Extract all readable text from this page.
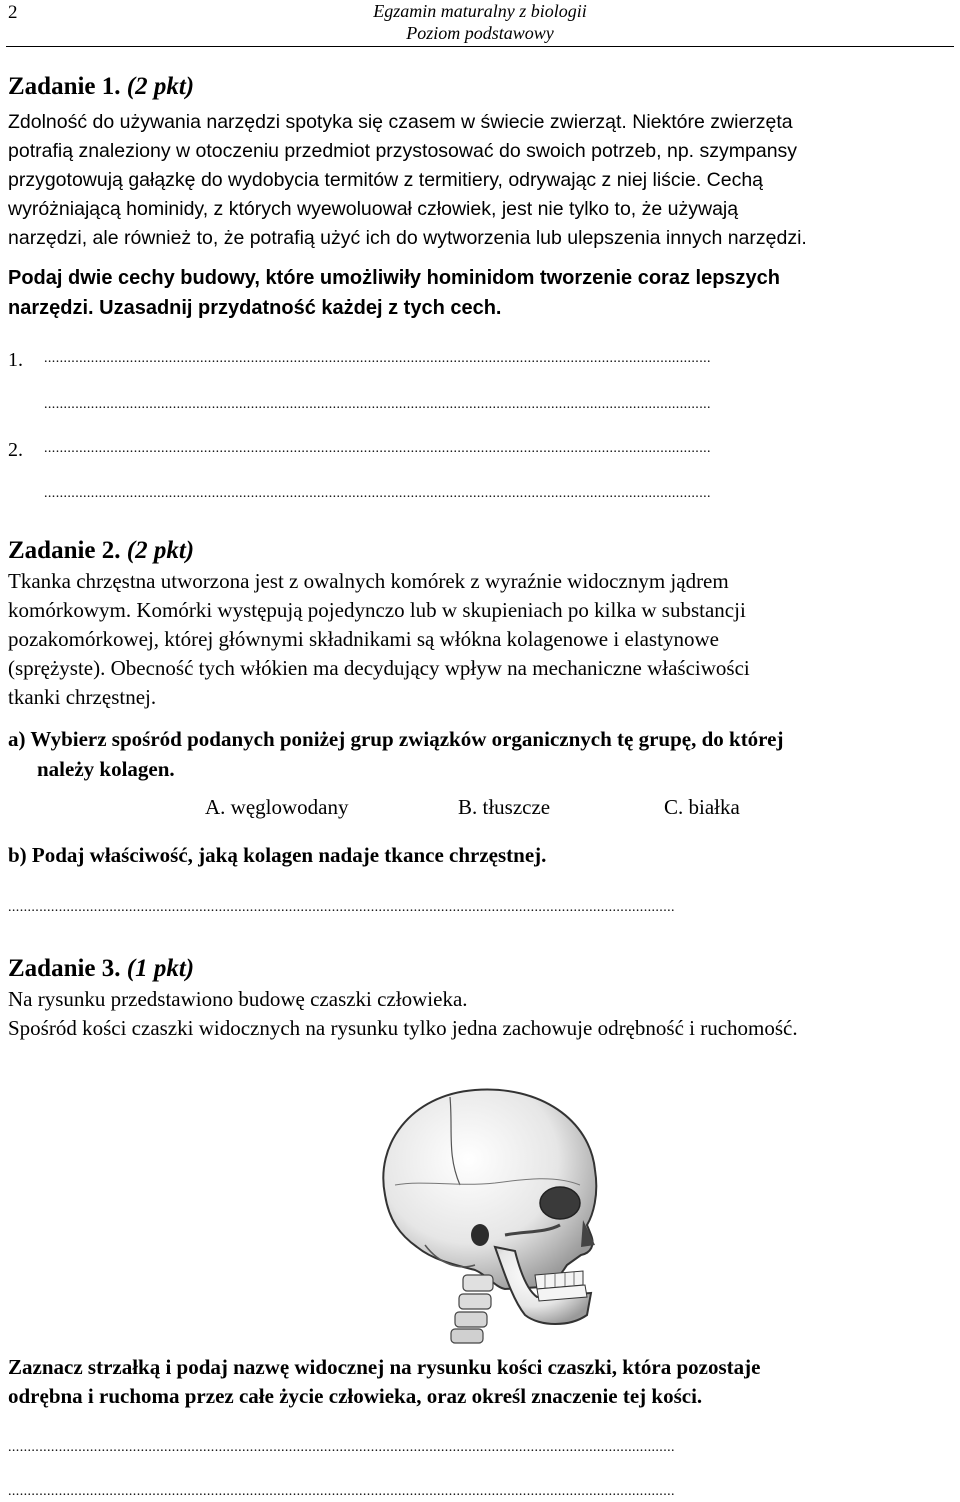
2	Egzamin maturalny z biologii
Poziom podstawowy
Zadanie 1. (2 pkt)
Zdolność do używania narzędzi spotyka się czasem w świecie zwierząt. Niektóre zwierzęta
potrafią znaleziony w otoczeniu przedmiot przystosować do swoich potrzeb, np. szympansy
przygotowują gałązkę do wydobycia termitów z termitiery, odrywając z niej liście. Cechą
wyróżniającą hominidy, z których wyewoluował człowiek, jest nie tylko to, że używają
narzędzi, ale również to, że potrafią użyć ich do wytworzenia lub ulepszenia innych narzędzi.
Podaj dwie cechy budowy, które umożliwiły hominidom tworzenie coraz lepszych
narzędzi. Uzasadnij przydatność każdej z tych cech.
1. ...........................................................................................................................................................................
...........................................................................................................................................................................
2. ...........................................................................................................................................................................
...........................................................................................................................................................................
Zadanie 2. (2 pkt)
Tkanka chrzęstna utworzona jest z owalnych komórek z wyraźnie widocznym jądrem
komórkowym. Komórki występują pojedynczo lub w skupieniach po kilka w substancji
pozakomórkowej, której głównymi składnikami są włókna kolagenowe i elastynowe
(sprężyste). Obecność tych włókien ma decydujący wpływ na mechaniczne właściwości
tkanki chrzęstnej.
a) Wybierz spośród podanych poniżej grup związków organicznych tę grupę, do której
należy kolagen.
A. węglowodany	B. tłuszcze	C. białka
b) Podaj właściwość, jaką kolagen nadaje tkance chrzęstnej.
...........................................................................................................................................................................
Zadanie 3. (1 pkt)
Na rysunku przedstawiono budowę czaszki człowieka.
Spośród kości czaszki widocznych na rysunku tylko jedna zachowuje odrębność i ruchomość.
Zaznacz strzałką i podaj nazwę widocznej na rysunku kości czaszki, która pozostaje
odrębna i ruchoma przez całe życie człowieka, oraz określ znaczenie tej kości.
...........................................................................................................................................................................
...........................................................................................................................................................................
